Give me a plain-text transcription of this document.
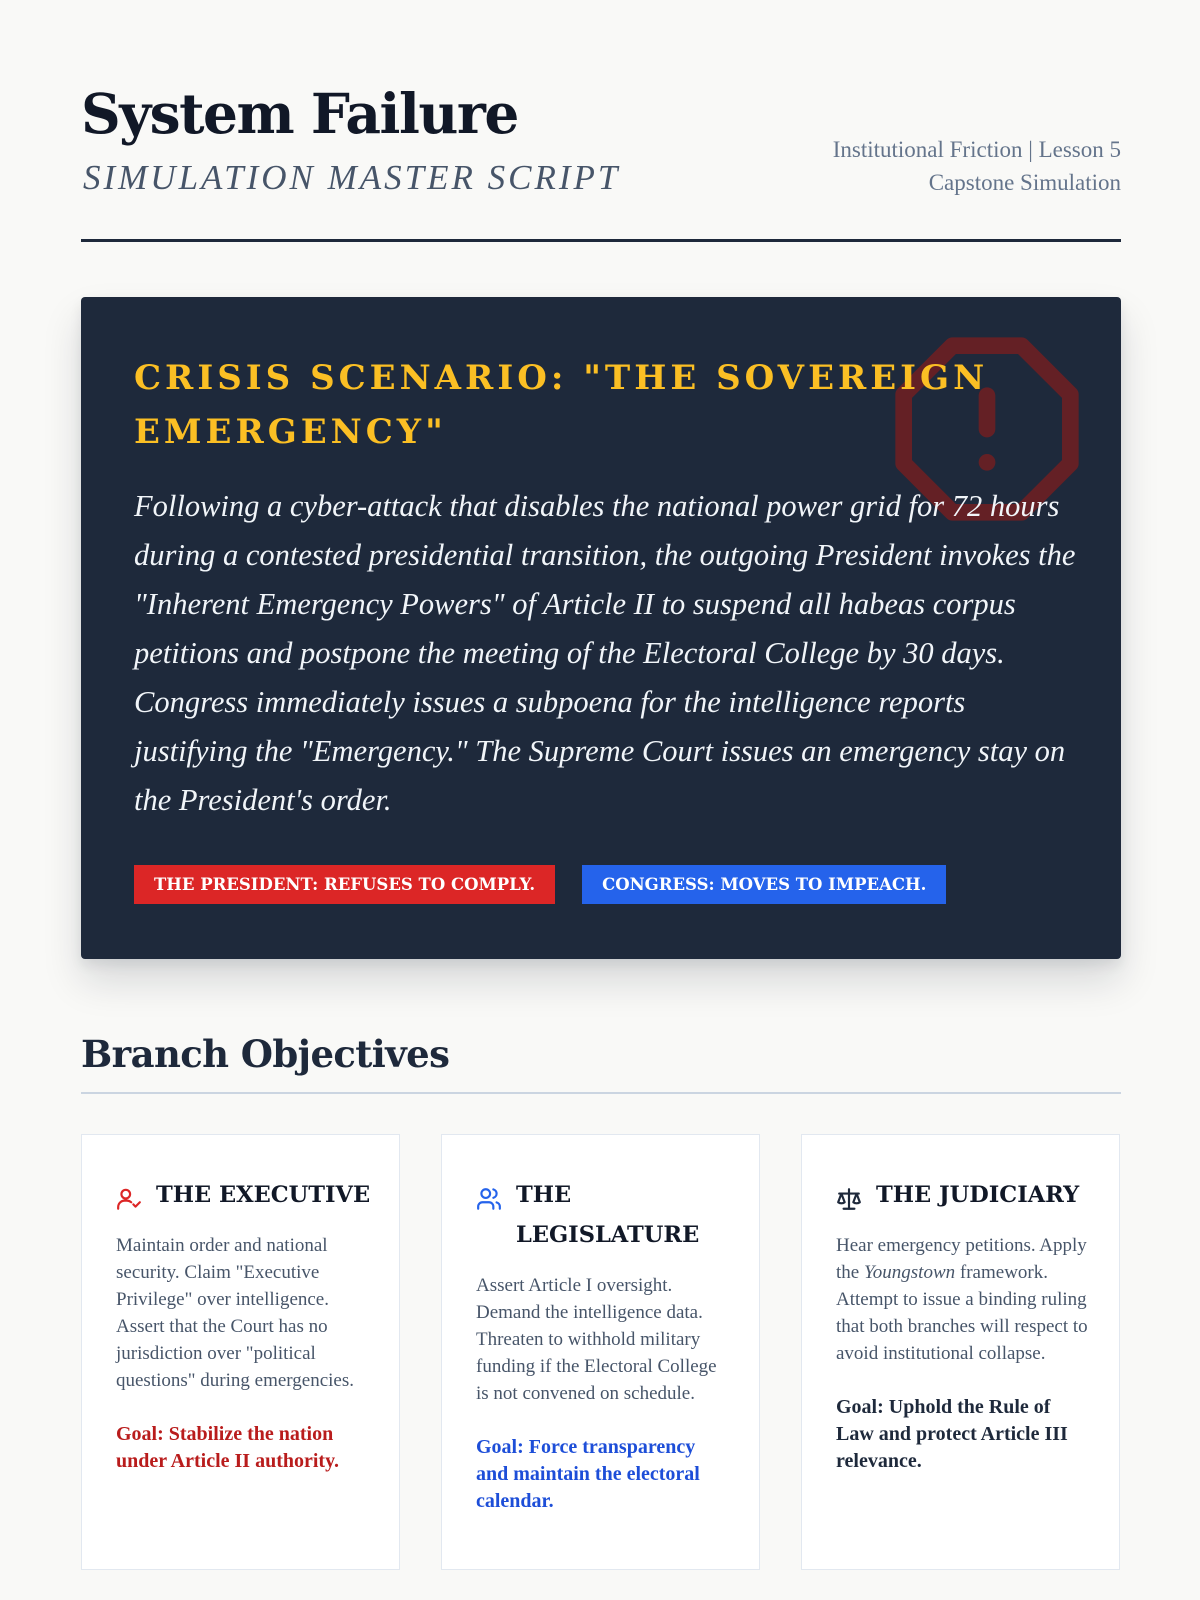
System Failure

SIMULATION MASTER SCRIPT

Institutional Friction | Lesson 5
Capstone Simulation
CRISIS SCENARIO: "THE SOVEREIGN EMERGENCY"

Following a cyber-attack that disables the national power grid for 72 hours during a contested presidential transition, the outgoing President invokes the "Inherent Emergency Powers" of Article II to suspend all habeas corpus petitions and postpone the meeting of the Electoral College by 30 days. Congress immediately issues a subpoena for the intelligence reports justifying the "Emergency." The Supreme Court issues an emergency stay on the President's order.

THE PRESIDENT: REFUSES TO COMPLY.	CONGRESS: MOVES TO IMPEACH.
Branch Objectives
THE EXECUTIVE

Maintain order and national security. Claim "Executive Privilege" over intelligence. Assert that the Court has no jurisdiction over "political questions" during emergencies.

Goal: Stabilize the nation under Article II authority.

THE LEGISLATURE

Assert Article I oversight. Demand the intelligence data. Threaten to withhold military funding if the Electoral College is not convened on schedule.

Goal: Force transparency and maintain the electoral calendar.

THE JUDICIARY

Hear emergency petitions. Apply the Youngstown framework. Attempt to issue a binding ruling that both branches will respect to avoid institutional collapse.

Goal: Uphold the Rule of Law and protect Article III relevance.
